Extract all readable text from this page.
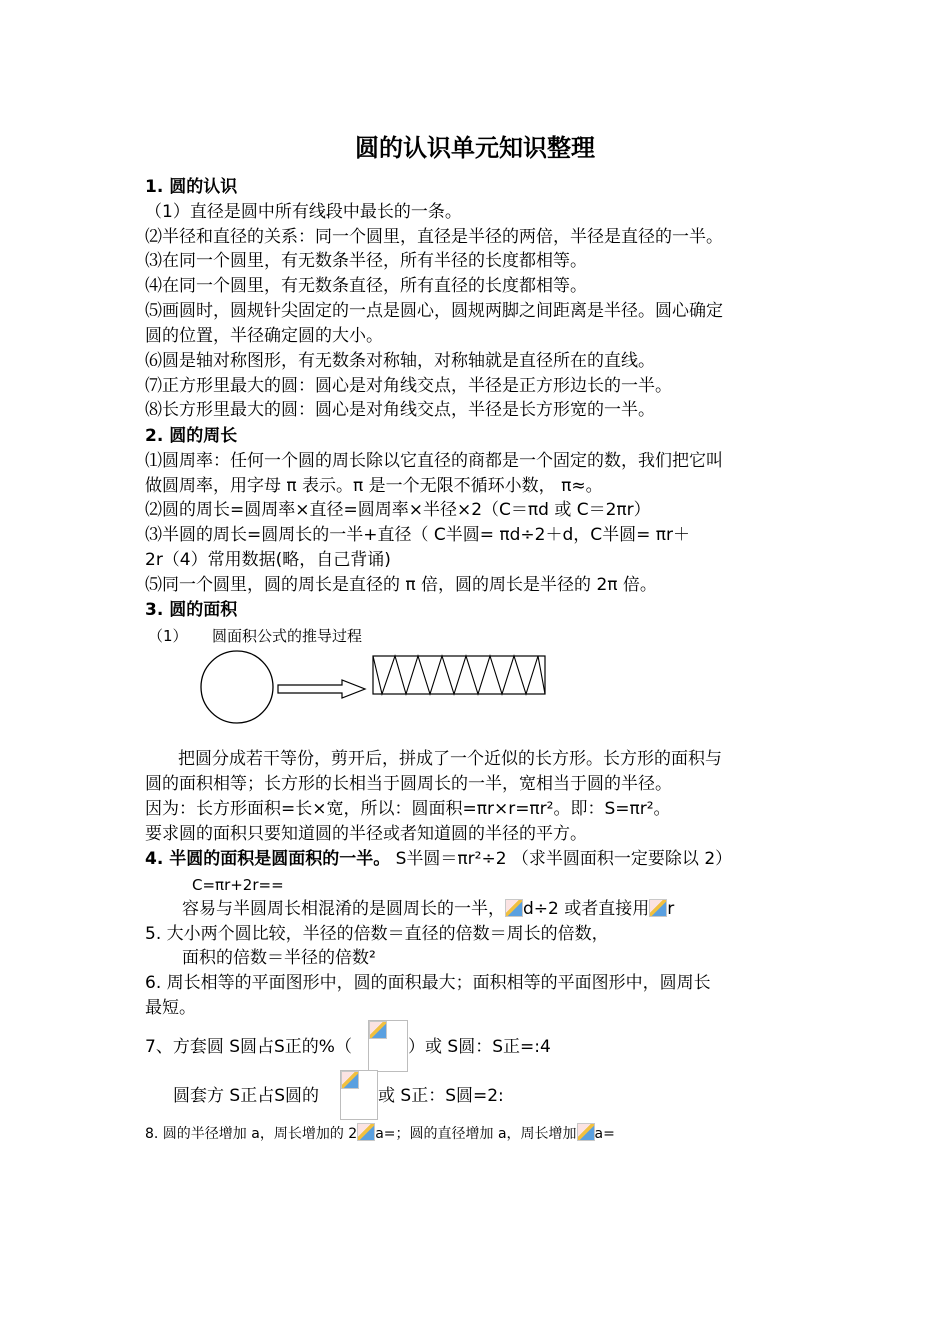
圆的认识单元知识整理
1. 圆的认识
（1）直径是圆中所有线段中最长的一条。
⑵半径和直径的关系：同一个圆里，直径是半径的两倍，半径是直径的一半。
⑶在同一个圆里，有无数条半径，所有半径的长度都相等。
⑷在同一个圆里，有无数条直径，所有直径的长度都相等。
⑸画圆时，圆规针尖固定的一点是圆心，圆规两脚之间距离是半径。圆心确定
圆的位置，半径确定圆的大小。
⑹圆是轴对称图形，有无数条对称轴，对称轴就是直径所在的直线。
⑺正方形里最大的圆：圆心是对角线交点，半径是正方形边长的一半。
⑻长方形里最大的圆：圆心是对角线交点，半径是长方形宽的一半。
2. 圆的周长
⑴圆周率：任何一个圆的周长除以它直径的商都是一个固定的数，我们把它叫
做圆周率，用字母 π 表示。π 是一个无限不循环小数， π≈。
⑵圆的周长=圆周率×直径=圆周率×半径×2（C＝πd 或 C＝2πr）
⑶半圆的周长=圆周长的一半+直径（ C半圆= πd÷2＋d，C半圆= πr＋
2r（4）常用数据(略，自己背诵)
⑸同一个圆里，圆的周长是直径的 π 倍，圆的周长是半径的 2π 倍。
3. 圆的面积
（1） 圆面积公式的推导过程
把圆分成若干等份，剪开后，拼成了一个近似的长方形。长方形的面积与
圆的面积相等；长方形的长相当于圆周长的一半，宽相当于圆的半径。
因为：长方形面积=长×宽，所以：圆面积=πr×r=πr²。即：S=πr²。
要求圆的面积只要知道圆的半径或者知道圆的半径的平方。
4. 半圆的面积是圆面积的一半。 S半圆＝πr²÷2 （求半圆面积一定要除以 2）
C=πr+2r==
容易与半圆周长相混淆的是圆周长的一半， d÷2 或者直接用 r
5. 大小两个圆比较，半径的倍数＝直径的倍数＝周长的倍数，
面积的倍数＝半径的倍数²
6. 周长相等的平面图形中，圆的面积最大；面积相等的平面图形中，圆周长
最短。
7、方套圆 S圆占S正的%（	）或 S圆：S正=:4
圆套方 S正占S圆的	或 S正：S圆=2:
8. 圆的半径增加 a，周长增加的 2 a=；圆的直径增加 a，周长增加 a=
